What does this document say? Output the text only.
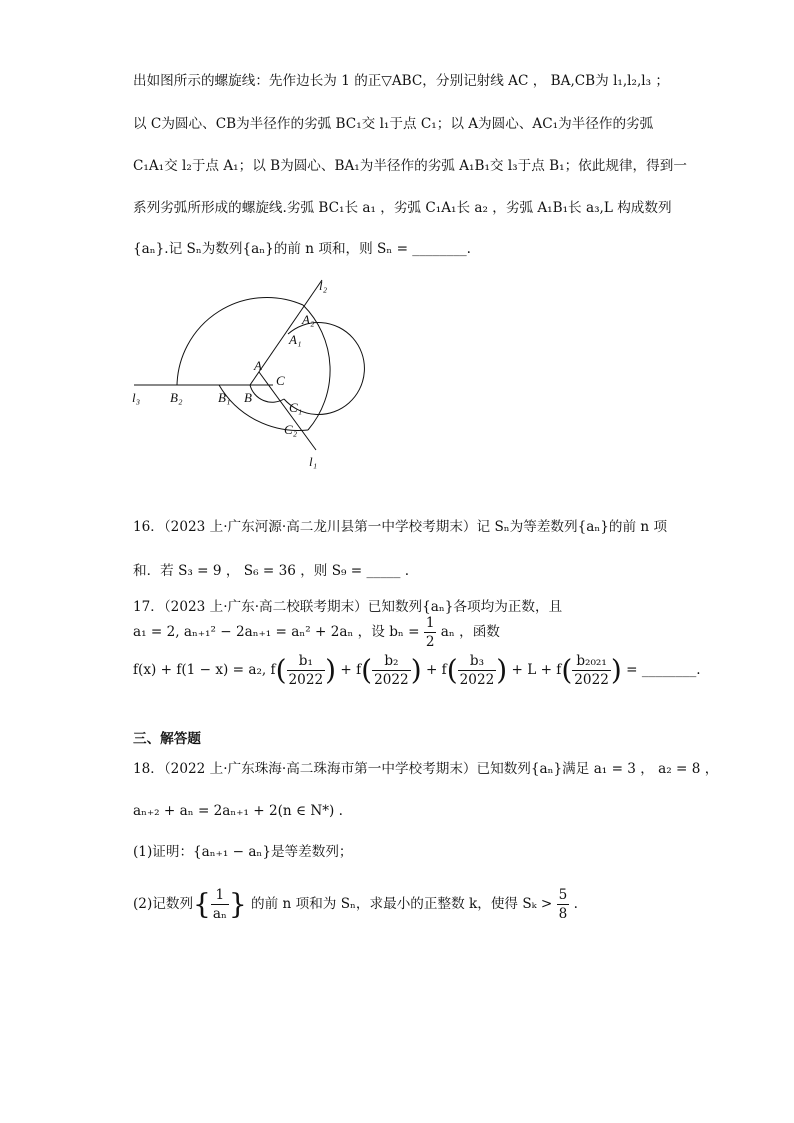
出如图所示的螺旋线：先作边长为 1 的正▽ABC，分别记射线 AC ， BA,CB为 l₁,l₂,l₃ ；
以 C为圆心、CB为半径作的劣弧 BC₁交 l₁于点 C₁；以 A为圆心、AC₁为半径作的劣弧
C₁A₁交 l₂于点 A₁；以 B为圆心、BA₁为半径作的劣弧 A₁B₁交 l₃于点 B₁；依此规律，得到一
系列劣弧所形成的螺旋线.劣弧 BC₁长 a₁ ，劣弧 C₁A₁长 a₂ ，劣弧 A₁B₁长 a₃,L 构成数列
{aₙ}.记 Sₙ为数列{aₙ}的前 n 项和，则 Sₙ = ________.
l₂
A₂
A₁
A
C
l₃ B₂	B₁ B
C₁
C₂
l₁
16．（2023 上·广东河源·高二龙川县第一中学校考期末）记 Sₙ为等差数列{aₙ}的前 n 项
和．若 S₃ = 9 ， S₆ = 36 ，则 S₉ = _____ .
17．（2023 上·广东·高二校联考期末）已知数列{aₙ}各项均为正数，且
a₁ = 2, aₙ₊₁² − 2aₙ₊₁ = aₙ² + 2aₙ ，设 $b_n = \frac{1}{2}$ aₙ ，函数
f(x) + f(1 − x) = a₂, $f( \frac{\text{b₁}}{2022}$ ) + $f( \frac{\text{b₂}}{2022}$ ) + $f( \frac{\text{b₃}}{2022}$ ) + $L + f( \frac{\text{b₂₀₂₁}}{2022}$ ) = ________.
三、解答题
18．（2022 上·广东珠海·高二珠海市第一中学校考期末）已知数列{aₙ}满足 a₁ = 3 ， a₂ = 8 ，
aₙ₊₂ + aₙ = 2aₙ₊₁ + 2(n ∈ N*) .
(1)证明：{aₙ₊₁ − aₙ}是等差数列；
(2)记数列{ $\frac{1}{\text{aₙ}}$ } 的前 n 项和为 Sₙ，求最小的正整数 k，使得 $S_k > \frac{5}{8}$ .
